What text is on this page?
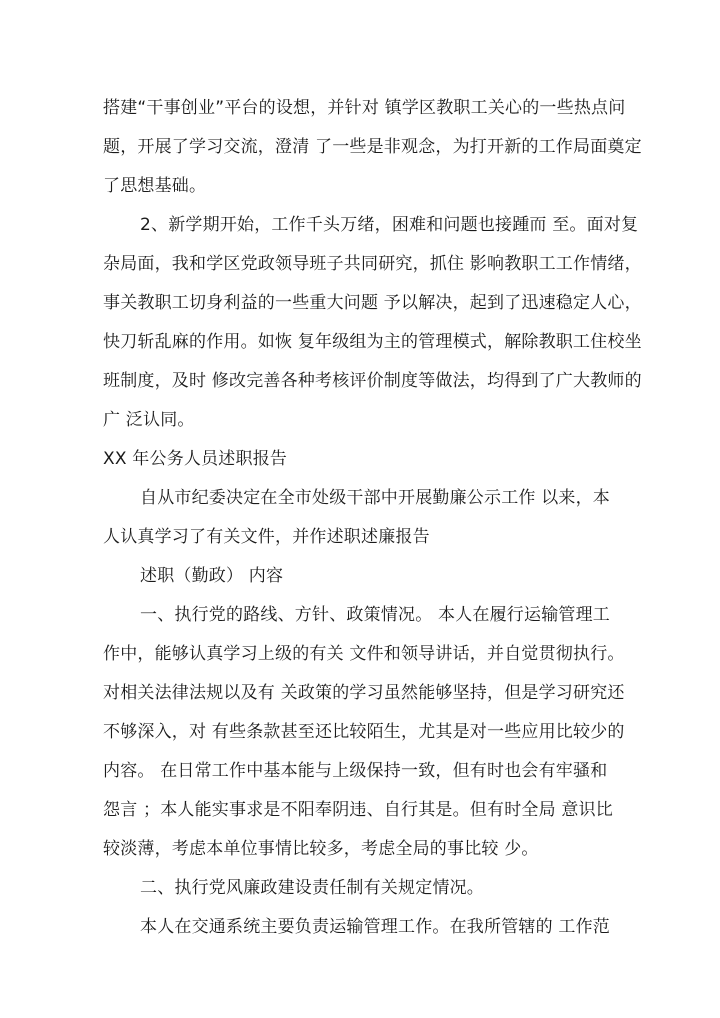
搭建“干事创业”平台的设想，并针对 镇学区教职工关心的一些热点问
题，开展了学习交流，澄清 了一些是非观念，为打开新的工作局面奠定
了思想基础。
2、新学期开始，工作千头万绪，困难和问题也接踵而 至。面对复
杂局面，我和学区党政领导班子共同研究，抓住 影响教职工工作情绪，
事关教职工切身利益的一些重大问题 予以解决，起到了迅速稳定人心，
快刀斩乱麻的作用。如恢 复年级组为主的管理模式，解除教职工住校坐
班制度，及时 修改完善各种考核评价制度等做法，均得到了广大教师的
广 泛认同。
XX 年公务人员述职报告
自从市纪委决定在全市处级干部中开展勤廉公示工作 以来，本
人认真学习了有关文件，并作述职述廉报告
述职（勤政） 内容
一、执行党的路线、方针、政策情况。 本人在履行运输管理工
作中，能够认真学习上级的有关 文件和领导讲话，并自觉贯彻执行。
对相关法律法规以及有 关政策的学习虽然能够坚持，但是学习研究还
不够深入，对 有些条款甚至还比较陌生，尤其是对一些应用比较少的
内容。 在日常工作中基本能与上级保持一致，但有时也会有牢骚和
怨言 ；本人能实事求是不阳奉阴违、自行其是。但有时全局 意识比
较淡薄，考虑本单位事情比较多，考虑全局的事比较 少。
二、执行党风廉政建设责任制有关规定情况。
本人在交通系统主要负责运输管理工作。在我所管辖的 工作范
